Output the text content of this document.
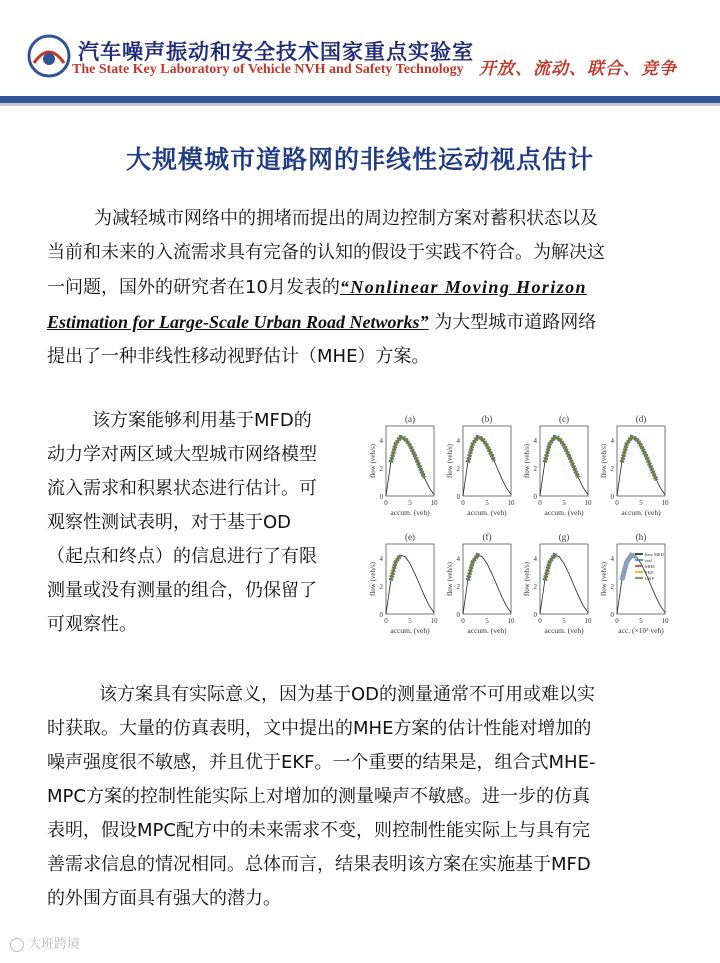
汽车噪声振动和安全技术国家重点实验室
The State Key Laboratory of Vehicle NVH and Safety Technology 开放、流动、联合、竞争
大规模城市道路网的非线性运动视点估计
为减轻城市网络中的拥堵而提出的周边控制方案对蓄积状态以及
当前和未来的入流需求具有完备的认知的假设于实践不符合。为解决这
一问题，国外的研究者在10月发表的“Nonlinear Moving Horizon
Estimation for Large-Scale Urban Road Networks” 为大型城市道路网络
提出了一种非线性移动视野估计（MHE）方案。
该方案能够利用基于MFD的
动力学对两区域大型城市网络模型
流入需求和积累状态进行估计。可
观察性测试表明，对于基于OD
（起点和终点）的信息进行了有限
测量或没有测量的组合，仍保留了
可观察性。
(a)
0
2
4
0	5	10
accum. (veh)
flow (veh/s)
(b)
0
2
4
0	5	10
accum. (veh)
flow (veh/s)
(c)
0
2
4
0	5	10
accum. (veh)
flow (veh/s)
(d)
0
2
4
0	5	10
accum. (veh)
flow (veh/s)
(e)
0
2
4
0	5	10
accum. (veh)
flow (veh/s)
(f)
0
2
4
0	5	10
accum. (veh)
flow (veh/s)
(g)
0
2
4
0	5	10
accum. (veh)
flow (veh/s)
(h)
0
2
4
0	5	10
acc. (×10³ veh)
flow (veh/s)
base MFD
real
MHE
EKF
UKF
该方案具有实际意义，因为基于OD的测量通常不可用或难以实
时获取。大量的仿真表明，文中提出的MHE方案的估计性能对增加的
噪声强度很不敏感，并且优于EKF。一个重要的结果是，组合式MHE-
MPC方案的控制性能实际上对增加的测量噪声不敏感。进一步的仿真
表明，假设MPC配方中的未来需求不变，则控制性能实际上与具有完
善需求信息的情况相同。总体而言，结果表明该方案在实施基于MFD
的外围方面具有强大的潜力。
大班跨境
